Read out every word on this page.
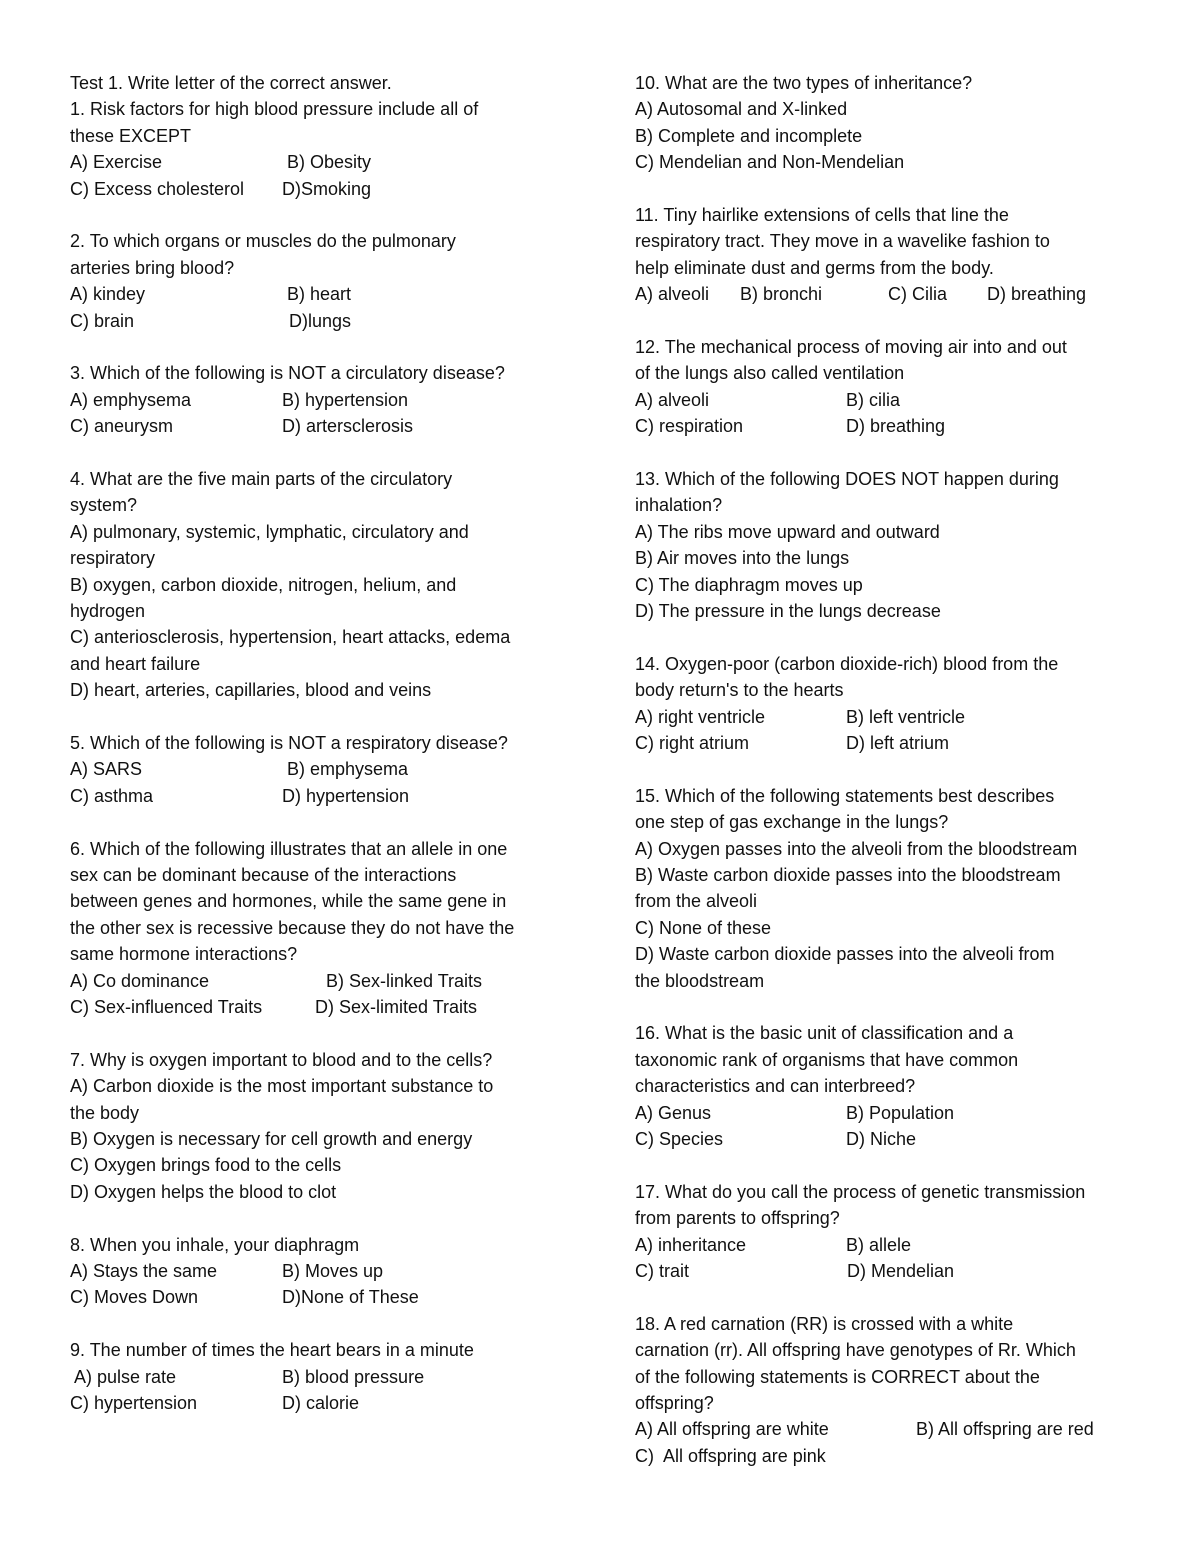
Test 1. Write letter of the correct answer.
1. Risk factors for high blood pressure include all of
these EXCEPT
A) Exercise	B) Obesity
C) Excess cholesterol D)Smoking
2. To which organs or muscles do the pulmonary
arteries bring blood?
A) kindey	B) heart
C) brain	D)lungs
3. Which of the following is NOT a circulatory disease?
A) emphysema	B) hypertension
C) aneurysm	D) artersclerosis
4. What are the five main parts of the circulatory
system?
A) pulmonary, systemic, lymphatic, circulatory and
respiratory
B) oxygen, carbon dioxide, nitrogen, helium, and
hydrogen
C) anteriosclerosis, hypertension, heart attacks, edema
and heart failure
D) heart, arteries, capillaries, blood and veins
5. Which of the following is NOT a respiratory disease?
A) SARS	B) emphysema
C) asthma	D) hypertension
6. Which of the following illustrates that an allele in one
sex can be dominant because of the interactions
between genes and hormones, while the same gene in
the other sex is recessive because they do not have the
same hormone interactions?
A) Co dominance	B) Sex-linked Traits
C) Sex-influenced Traits	D) Sex-limited Traits
7. Why is oxygen important to blood and to the cells?
A) Carbon dioxide is the most important substance to
the body
B) Oxygen is necessary for cell growth and energy
C) Oxygen brings food to the cells
D) Oxygen helps the blood to clot
8. When you inhale, your diaphragm
A) Stays the same	B) Moves up
C) Moves Down	D)None of These
9. The number of times the heart bears in a minute
A) pulse rate	B) blood pressure
C) hypertension	D) calorie
10. What are the two types of inheritance?
A) Autosomal and X-linked
B) Complete and incomplete
C) Mendelian and Non-Mendelian
11. Tiny hairlike extensions of cells that line the
respiratory tract. They move in a wavelike fashion to
help eliminate dust and germs from the body.
A) alveoli B) bronchi	C) Cilia D) breathing
12. The mechanical process of moving air into and out
of the lungs also called ventilation
A) alveoli	B) cilia
C) respiration	D) breathing
13. Which of the following DOES NOT happen during
inhalation?
A) The ribs move upward and outward
B) Air moves into the lungs
C) The diaphragm moves up
D) The pressure in the lungs decrease
14. Oxygen-poor (carbon dioxide-rich) blood from the
body return's to the hearts
A) right ventricle	B) left ventricle
C) right atrium	D) left atrium
15. Which of the following statements best describes
one step of gas exchange in the lungs?
A) Oxygen passes into the alveoli from the bloodstream
B) Waste carbon dioxide passes into the bloodstream
from the alveoli
C) None of these
D) Waste carbon dioxide passes into the alveoli from
the bloodstream
16. What is the basic unit of classification and a
taxonomic rank of organisms that have common
characteristics and can interbreed?
A) Genus	B) Population
C) Species	D) Niche
17. What do you call the process of genetic transmission
from parents to offspring?
A) inheritance	B) allele
C) trait	D) Mendelian
18. A red carnation (RR) is crossed with a white
carnation (rr). All offspring have genotypes of Rr. Which
of the following statements is CORRECT about the
offspring?
A) All offspring are white	B) All offspring are red
C)  All offspring are pink
